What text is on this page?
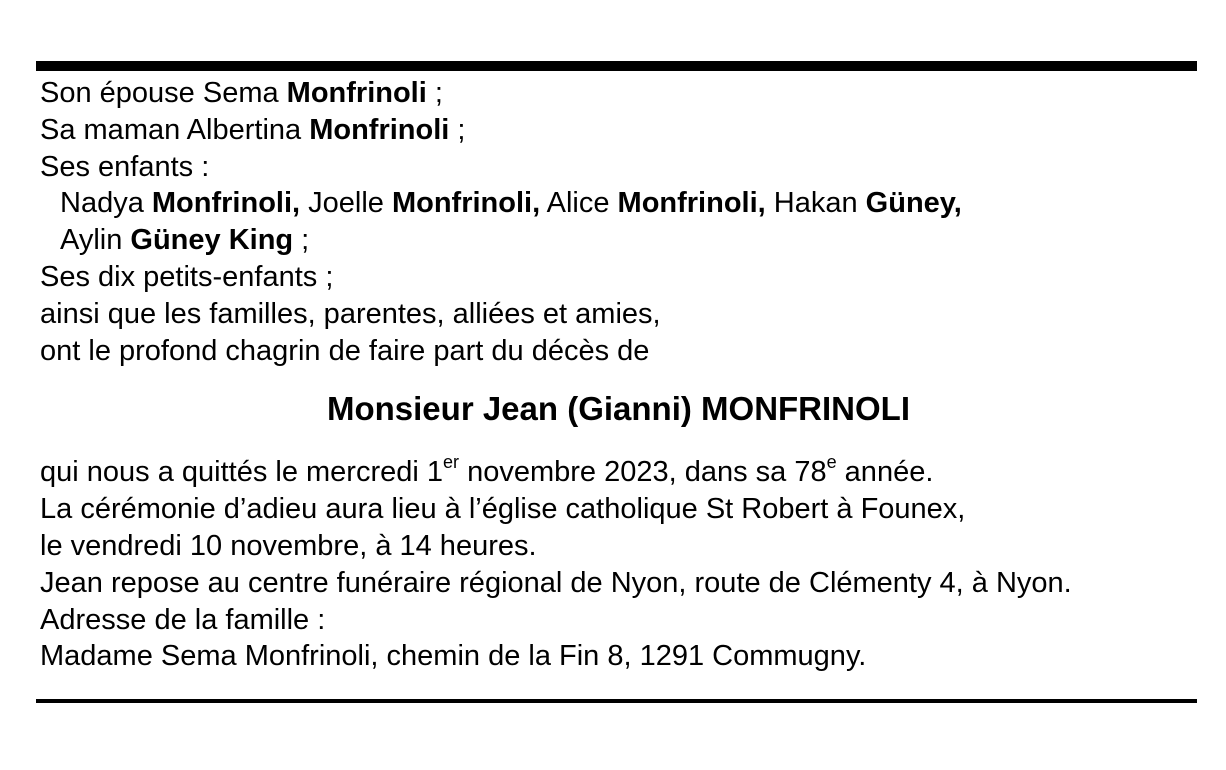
Son épouse Sema Monfrinoli ;
Sa maman Albertina Monfrinoli ;
Ses enfants :
Nadya Monfrinoli, Joelle Monfrinoli, Alice Monfrinoli, Hakan Güney,
Aylin Güney King ;
Ses dix petits-enfants ;
ainsi que les familles, parentes, alliées et amies,
ont le profond chagrin de faire part du décès de
Monsieur Jean (Gianni) MONFRINOLI
qui nous a quittés le mercredi 1er novembre 2023, dans sa 78e année.
La cérémonie d’adieu aura lieu à l’église catholique St Robert à Founex,
le vendredi 10 novembre, à 14 heures.
Jean repose au centre funéraire régional de Nyon, route de Clémenty 4, à Nyon.
Adresse de la famille :
Madame Sema Monfrinoli, chemin de la Fin 8, 1291 Commugny.
